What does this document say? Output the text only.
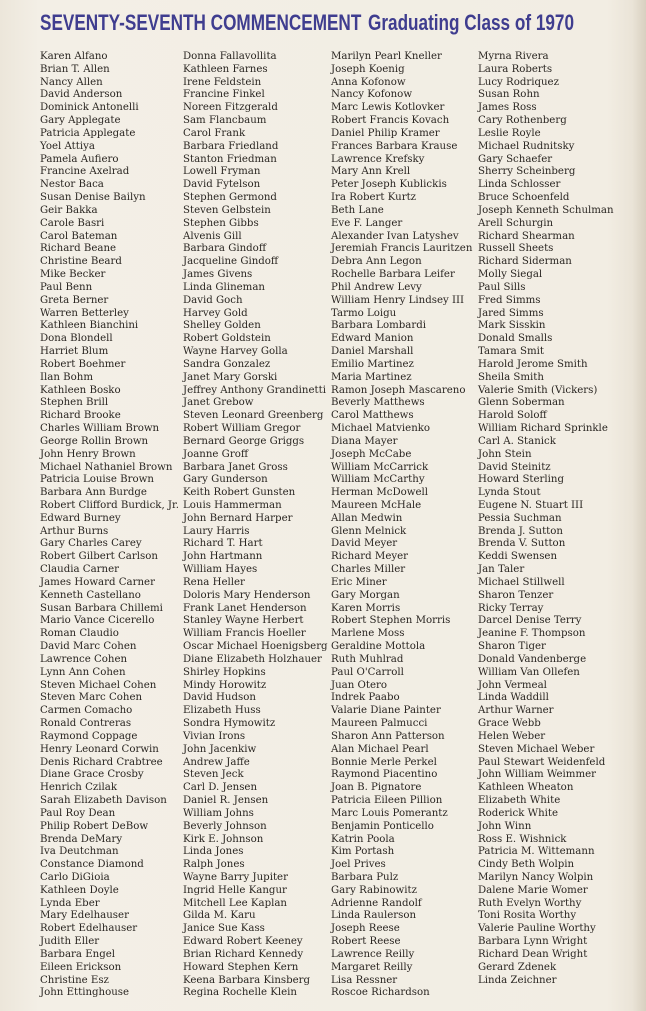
SEVENTY-SEVENTH COMMENCEMENT Graduating Class of 1970
Karen Alfano
Brian T. Allen
Nancy Allen
David Anderson
Dominick Antonelli
Gary Applegate
Patricia Applegate
Yoel Attiya
Pamela Aufiero
Francine Axelrad
Nestor Baca
Susan Denise Bailyn
Geir Bakka
Carole Basri
Carol Bateman
Richard Beane
Christine Beard
Mike Becker
Paul Benn
Greta Berner
Warren Betterley
Kathleen Bianchini
Dona Blondell
Harriet Blum
Robert Boehmer
Ilan Bohm
Kathleen Bosko
Stephen Brill
Richard Brooke
Charles William Brown
George Rollin Brown
John Henry Brown
Michael Nathaniel Brown
Patricia Louise Brown
Barbara Ann Burdge
Robert Clifford Burdick, Jr.
Edward Burney
Arthur Burns
Gary Charles Carey
Robert Gilbert Carlson
Claudia Carner
James Howard Carner
Kenneth Castellano
Susan Barbara Chillemi
Mario Vance Cicerello
Roman Claudio
David Marc Cohen
Lawrence Cohen
Lynn Ann Cohen
Steven Michael Cohen
Steven Marc Cohen
Carmen Comacho
Ronald Contreras
Raymond Coppage
Henry Leonard Corwin
Denis Richard Crabtree
Diane Grace Crosby
Henrich Czilak
Sarah Elizabeth Davison
Paul Roy Dean
Philip Robert DeBow
Brenda DeMary
Iva Deutchman
Constance Diamond
Carlo DiGioia
Kathleen Doyle
Lynda Eber
Mary Edelhauser
Robert Edelhauser
Judith Eller
Barbara Engel
Eileen Erickson
Christine Esz
John Ettinghouse
Donna Fallavollita
Kathleen Farnes
Irene Feldstein
Francine Finkel
Noreen Fitzgerald
Sam Flancbaum
Carol Frank
Barbara Friedland
Stanton Friedman
Lowell Fryman
David Fytelson
Stephen Germond
Steven Gelbstein
Stephen Gibbs
Alvenis Gill
Barbara Gindoff
Jacqueline Gindoff
James Givens
Linda Glineman
David Goch
Harvey Gold
Shelley Golden
Robert Goldstein
Wayne Harvey Golla
Sandra Gonzalez
Janet Mary Gorski
Jeffrey Anthony Grandinetti
Janet Grebow
Steven Leonard Greenberg
Robert William Gregor
Bernard George Griggs
Joanne Groff
Barbara Janet Gross
Gary Gunderson
Keith Robert Gunsten
Louis Hammerman
John Bernard Harper
Laury Harris
Richard T. Hart
John Hartmann
William Hayes
Rena Heller
Doloris Mary Henderson
Frank Lanet Henderson
Stanley Wayne Herbert
William Francis Hoeller
Oscar Michael Hoenigsberg
Diane Elizabeth Holzhauer
Shirley Hopkins
Mindy Horowitz
David Hudson
Elizabeth Huss
Sondra Hymowitz
Vivian Irons
John Jacenkiw
Andrew Jaffe
Steven Jeck
Carl D. Jensen
Daniel R. Jensen
William Johns
Beverly Johnson
Kirk E. Johnson
Linda Jones
Ralph Jones
Wayne Barry Jupiter
Ingrid Helle Kangur
Mitchell Lee Kaplan
Gilda M. Karu
Janice Sue Kass
Edward Robert Keeney
Brian Richard Kennedy
Howard Stephen Kern
Keena Barbara Kinsberg
Regina Rochelle Klein
Marilyn Pearl Kneller
Joseph Koenig
Anna Kofonow
Nancy Kofonow
Marc Lewis Kotlovker
Robert Francis Kovach
Daniel Philip Kramer
Frances Barbara Krause
Lawrence Krefsky
Mary Ann Krell
Peter Joseph Kublickis
Ira Robert Kurtz
Beth Lane
Eve F. Langer
Alexander Ivan Latyshev
Jeremiah Francis Lauritzen
Debra Ann Legon
Rochelle Barbara Leifer
Phil Andrew Levy
William Henry Lindsey III
Tarmo Loigu
Barbara Lombardi
Edward Manion
Daniel Marshall
Emilio Martinez
Maria Martinez
Ramon Joseph Mascareno
Beverly Matthews
Carol Matthews
Michael Matvienko
Diana Mayer
Joseph McCabe
William McCarrick
William McCarthy
Herman McDowell
Maureen McHale
Allan Medwin
Glenn Melnick
David Meyer
Richard Meyer
Charles Miller
Eric Miner
Gary Morgan
Karen Morris
Robert Stephen Morris
Marlene Moss
Geraldine Mottola
Ruth Muhlrad
Paul O'Carroll
Juan Otero
Indrek Paabo
Valarie Diane Painter
Maureen Palmucci
Sharon Ann Patterson
Alan Michael Pearl
Bonnie Merle Perkel
Raymond Piacentino
Joan B. Pignatore
Patricia Eileen Pillion
Marc Louis Pomerantz
Benjamin Ponticello
Katrin Poola
Kim Portash
Joel Prives
Barbara Pulz
Gary Rabinowitz
Adrienne Randolf
Linda Raulerson
Joseph Reese
Robert Reese
Lawrence Reilly
Margaret Reilly
Lisa Ressner
Roscoe Richardson
Myrna Rivera
Laura Roberts
Lucy Rodriquez
Susan Rohn
James Ross
Cary Rothenberg
Leslie Royle
Michael Rudnitsky
Gary Schaefer
Sherry Scheinberg
Linda Schlosser
Bruce Schoenfeld
Joseph Kenneth Schulman
Arell Schurgin
Richard Shearman
Russell Sheets
Richard Siderman
Molly Siegal
Paul Sills
Fred Simms
Jared Simms
Mark Sisskin
Donald Smalls
Tamara Smit
Harold Jerome Smith
Sheila Smith
Valerie Smith (Vickers)
Glenn Soberman
Harold Soloff
William Richard Sprinkle
Carl A. Stanick
John Stein
David Steinitz
Howard Sterling
Lynda Stout
Eugene N. Stuart III
Pessia Suchman
Brenda J. Sutton
Brenda V. Sutton
Keddi Swensen
Jan Taler
Michael Stillwell
Sharon Tenzer
Ricky Terray
Darcel Denise Terry
Jeanine F. Thompson
Sharon Tiger
Donald Vandenberge
William Van Ollefen
John Vermeal
Linda Waddill
Arthur Warner
Grace Webb
Helen Weber
Steven Michael Weber
Paul Stewart Weidenfeld
John William Weimmer
Kathleen Wheaton
Elizabeth White
Roderick White
John Winn
Ross E. Wishnick
Patricia M. Wittemann
Cindy Beth Wolpin
Marilyn Nancy Wolpin
Dalene Marie Womer
Ruth Evelyn Worthy
Toni Rosita Worthy
Valerie Pauline Worthy
Barbara Lynn Wright
Richard Dean Wright
Gerard Zdenek
Linda Zeichner
